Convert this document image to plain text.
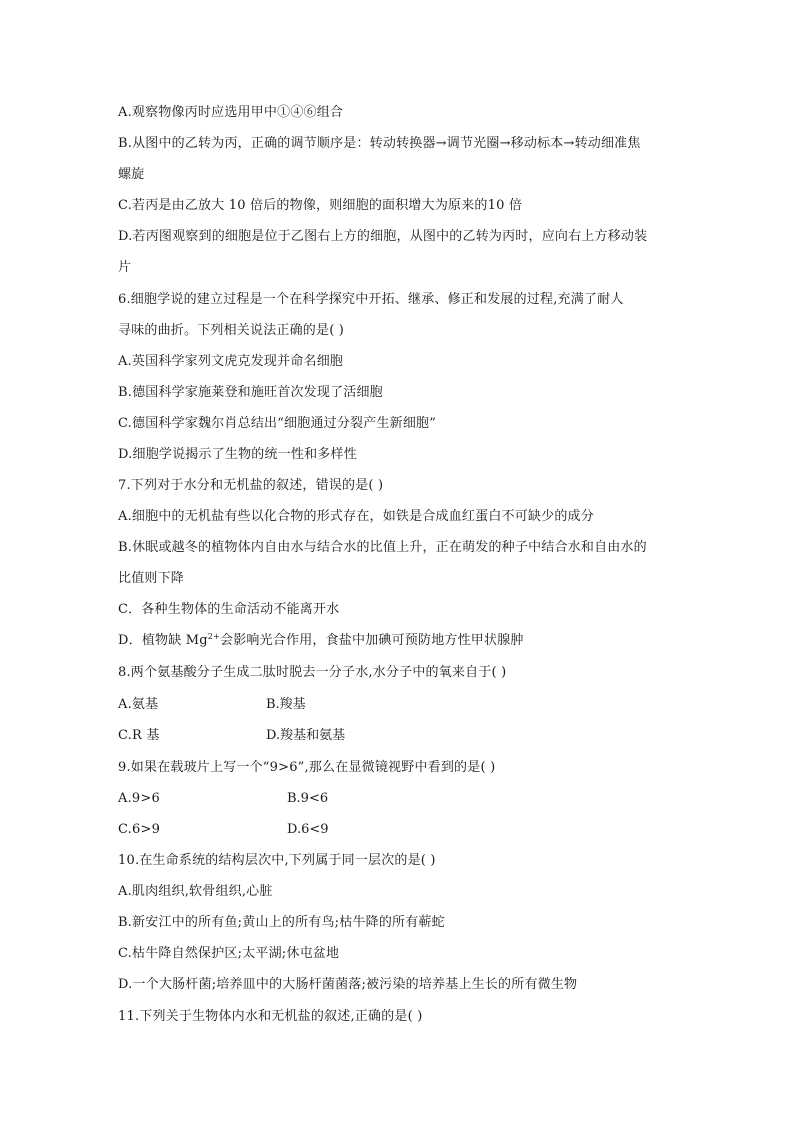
A.观察物像丙时应选用甲中①④⑥组合
B.从图中的乙转为丙，正确的调节顺序是：转动转换器→调节光圈→移动标本→转动细准焦
螺旋
C.若丙是由乙放大 10 倍后的物像，则细胞的面积增大为原来的10 倍
D.若丙图观察到的细胞是位于乙图右上方的细胞，从图中的乙转为丙时，应向右上方移动装
片
6.细胞学说的建立过程是一个在科学探究中开拓、继承、修正和发展的过程,充满了耐人
寻味的曲折。下列相关说法正确的是( )
A.英国科学家列文虎克发现并命名细胞
B.德国科学家施莱登和施旺首次发现了活细胞
C.德国科学家魏尔肖总结出“细胞通过分裂产生新细胞”
D.细胞学说揭示了生物的统一性和多样性
7.下列对于水分和无机盐的叙述，错误的是( )
A.细胞中的无机盐有些以化合物的形式存在，如铁是合成血红蛋白不可缺少的成分
B.休眠或越冬的植物体内自由水与结合水的比值上升，正在萌发的种子中结合水和自由水的
比值则下降
C．各种生物体的生命活动不能离开水
D．植物缺 $Mg^{2+}$会影响光合作用，食盐中加碘可预防地方性甲状腺肿
8.两个氨基酸分子生成二肽时脱去一分子水,水分子中的氧来自于( )
A.氨基	B.羧基
C.R 基	D.羧基和氨基
9.如果在载玻片上写一个“9>6”,那么在显微镜视野中看到的是( )
A.9>6	B.9<6
C.6>9	D.6<9
10.在生命系统的结构层次中,下列属于同一层次的是( )
A.肌肉组织,软骨组织,心脏
B.新安江中的所有鱼;黄山上的所有鸟;枯牛降的所有蕲蛇
C.枯牛降自然保护区;太平湖;休屯盆地
D.一个大肠杆菌;培养皿中的大肠杆菌菌落;被污染的培养基上生长的所有微生物
11.下列关于生物体内水和无机盐的叙述,正确的是( )
